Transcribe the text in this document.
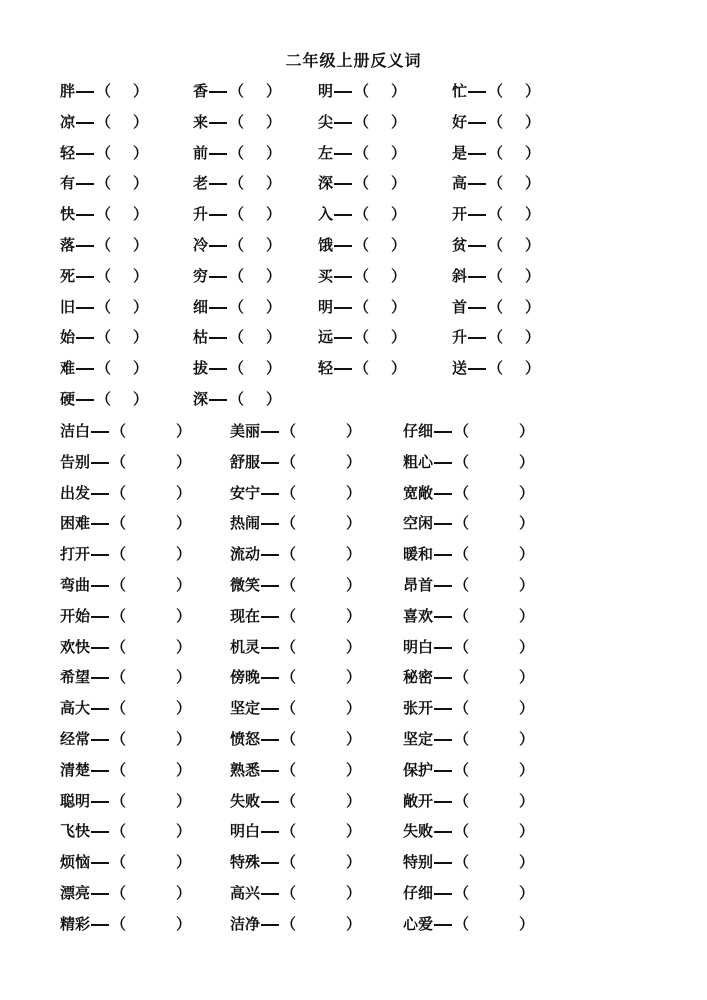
二年级上册反义词
胖 （ ）	香 （ ） 明 （ ）	忙 （ ）
凉 （ ）	来 （ ） 尖 （ ）	好 （ ）
轻 （ ）	前 （ ） 左 （ ）	是 （ ）
有 （ ）	老 （ ） 深 （ ）	高 （ ）
快 （ ）	升 （ ） 入 （ ）	开 （ ）
落 （ ）	冷 （ ） 饿 （ ）	贫 （ ）
死 （ ）	穷 （ ） 买 （ ）	斜 （ ）
旧 （ ）	细 （ ） 明 （ ）	首 （ ）
始 （ ）	枯 （ ） 远 （ ）	升 （ ）
难 （ ）	拔 （ ） 轻 （ ）	送 （ ）
硬 （ ）	深 （ ）
洁白 （	）	美丽 （	）	仔细 （	）
告别 （	）	舒服 （	）	粗心 （	）
出发 （	）	安宁 （	）	宽敞 （	）
困难 （	）	热闹 （	）	空闲 （	）
打开 （	）	流动 （	）	暖和 （	）
弯曲 （	）	微笑 （	）	昂首 （	）
开始 （	）	现在 （	）	喜欢 （	）
欢快 （	）	机灵 （	）	明白 （	）
希望 （	）	傍晚 （	）	秘密 （	）
高大 （	）	坚定 （	）	张开 （	）
经常 （	）	愤怒 （	）	坚定 （	）
清楚 （	）	熟悉 （	）	保护 （	）
聪明 （	）	失败 （	）	敞开 （	）
飞快 （	）	明白 （	）	失败 （	）
烦恼 （	）	特殊 （	）	特别 （	）
漂亮 （	）	高兴 （	）	仔细 （	）
精彩 （	）	洁净 （	）	心爱 （	）
